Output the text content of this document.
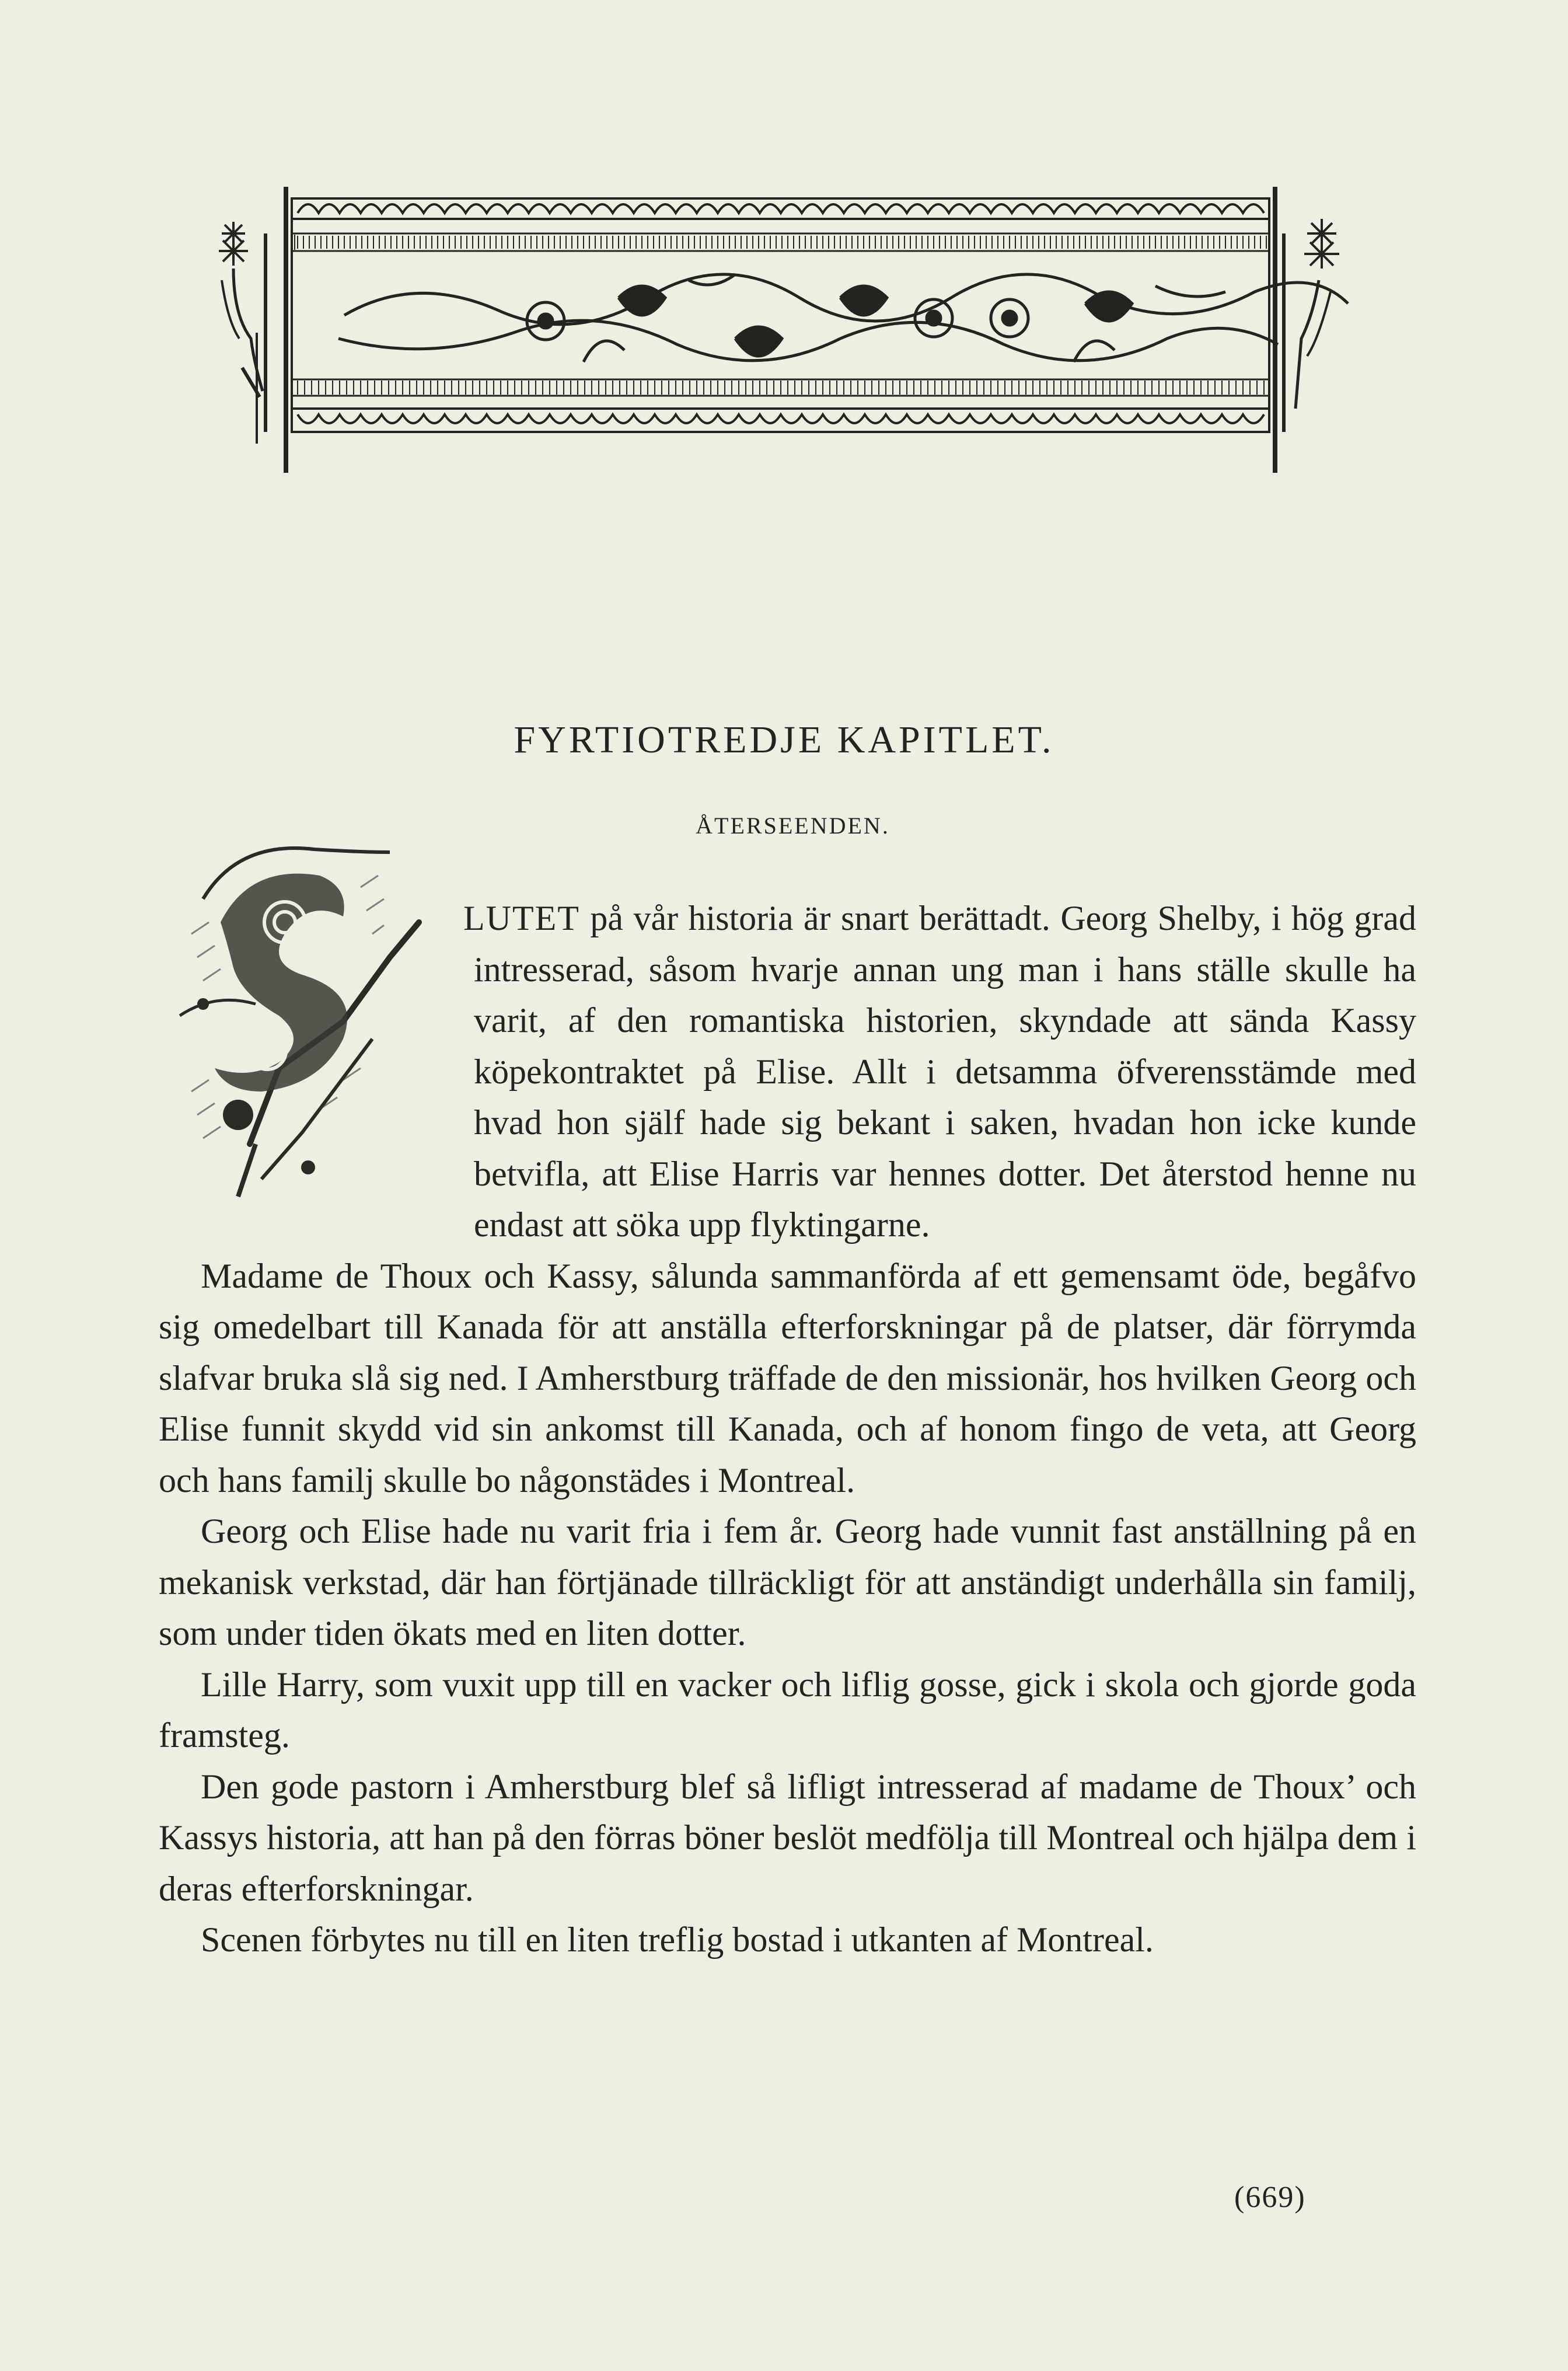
FYRTIOTREDJE KAPITLET.
ÅTERSEENDEN.

LUTET på vår historia är snart berättadt. Georg Shelby, i hög grad intresserad, såsom hvarje annan ung man i hans ställe skulle ha varit, af den romantiska historien, skyndade att sända Kassy köpekontraktet på Elise. Allt i detsamma öfverensstämde med hvad hon själf hade sig bekant i saken, hvadan hon icke kunde betvifla, att Elise Harris var hennes dotter. Det återstod henne nu endast att söka upp flyktingarne.

Madame de Thoux och Kassy, sålunda sammanförda af ett gemensamt öde, begåfvo sig omedelbart till Kanada för att anställa efterforskningar på de platser, där förrymda slafvar bruka slå sig ned. I Amherstburg träffade de den missionär, hos hvilken Georg och Elise funnit skydd vid sin ankomst till Kanada, och af honom fingo de veta, att Georg och hans familj skulle bo någonstädes i Montreal.

Georg och Elise hade nu varit fria i fem år. Georg hade vunnit fast anställning på en mekanisk verkstad, där han förtjänade tillräckligt för att anständigt underhålla sin familj, som under tiden ökats med en liten dotter.

Lille Harry, som vuxit upp till en vacker och liflig gosse, gick i skola och gjorde goda framsteg.

Den gode pastorn i Amherstburg blef så lifligt intresserad af madame de Thoux’ och Kassys historia, att han på den förras böner beslöt medfölja till Montreal och hjälpa dem i deras efterforskningar.

Scenen förbytes nu till en liten treflig bostad i utkanten af Montreal.

(669)
